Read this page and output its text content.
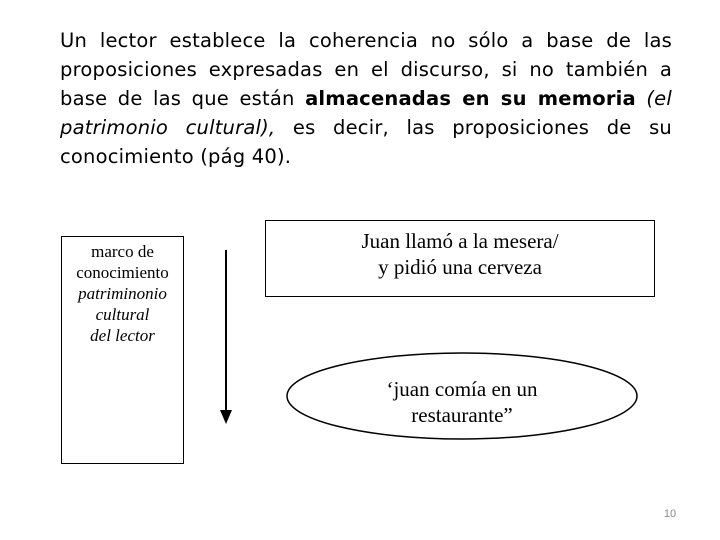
Un lector establece la coherencia no sólo a base de las proposiciones expresadas en el discurso, si no también a base de las que están almacenadas en su memoria (el patrimonio cultural), es decir, las proposiciones de su conocimiento (pág 40).

marco de
conocimiento
patriminonio
cultural
del lector
Juan llamó a la mesera/
y pidió una cerveza
‘juan comía en un
restaurante”
10
